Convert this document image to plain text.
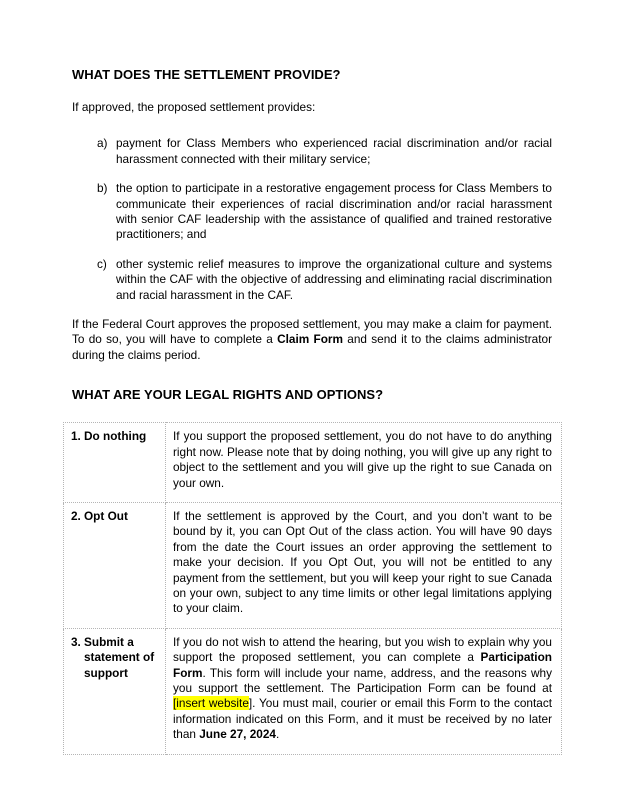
WHAT DOES THE SETTLEMENT PROVIDE?

If approved, the proposed settlement provides:

a) payment for Class Members who experienced racial discrimination and/or racial harassment connected with their military service;
b) the option to participate in a restorative engagement process for Class Members to communicate their experiences of racial discrimination and/or racial harassment with senior CAF leadership with the assistance of qualified and trained restorative practitioners; and
c) other systemic relief measures to improve the organizational culture and systems within the CAF with the objective of addressing and eliminating racial discrimination and racial harassment in the CAF.

If the Federal Court approves the proposed settlement, you may make a claim for payment. To do so, you will have to complete a Claim Form and send it to the claims administrator during the claims period.

WHAT ARE YOUR LEGAL RIGHTS AND OPTIONS?
1. Do nothing	If you support the proposed settlement, you do not have to do anything right now. Please note that by doing nothing, you will give up any right to object to the settlement and you will give up the right to sue Canada on your own.

2. Opt Out	If the settlement is approved by the Court, and you don’t want to be bound by it, you can Opt Out of the class action. You will have 90 days from the date the Court issues an order approving the settlement to make your decision. If you Opt Out, you will not be entitled to any payment from the settlement, but you will keep your right to sue Canada on your own, subject to any time limits or other legal limitations applying to your claim.

3. Submit a statement of support	If you do not wish to attend the hearing, but you wish to explain why you support the proposed settlement, you can complete a Participation Form. This form will include your name, address, and the reasons why you support the settlement. The Participation Form can be found at [insert website]. You must mail, courier or email this Form to the contact information indicated on this Form, and it must be received by no later than June 27, 2024.
